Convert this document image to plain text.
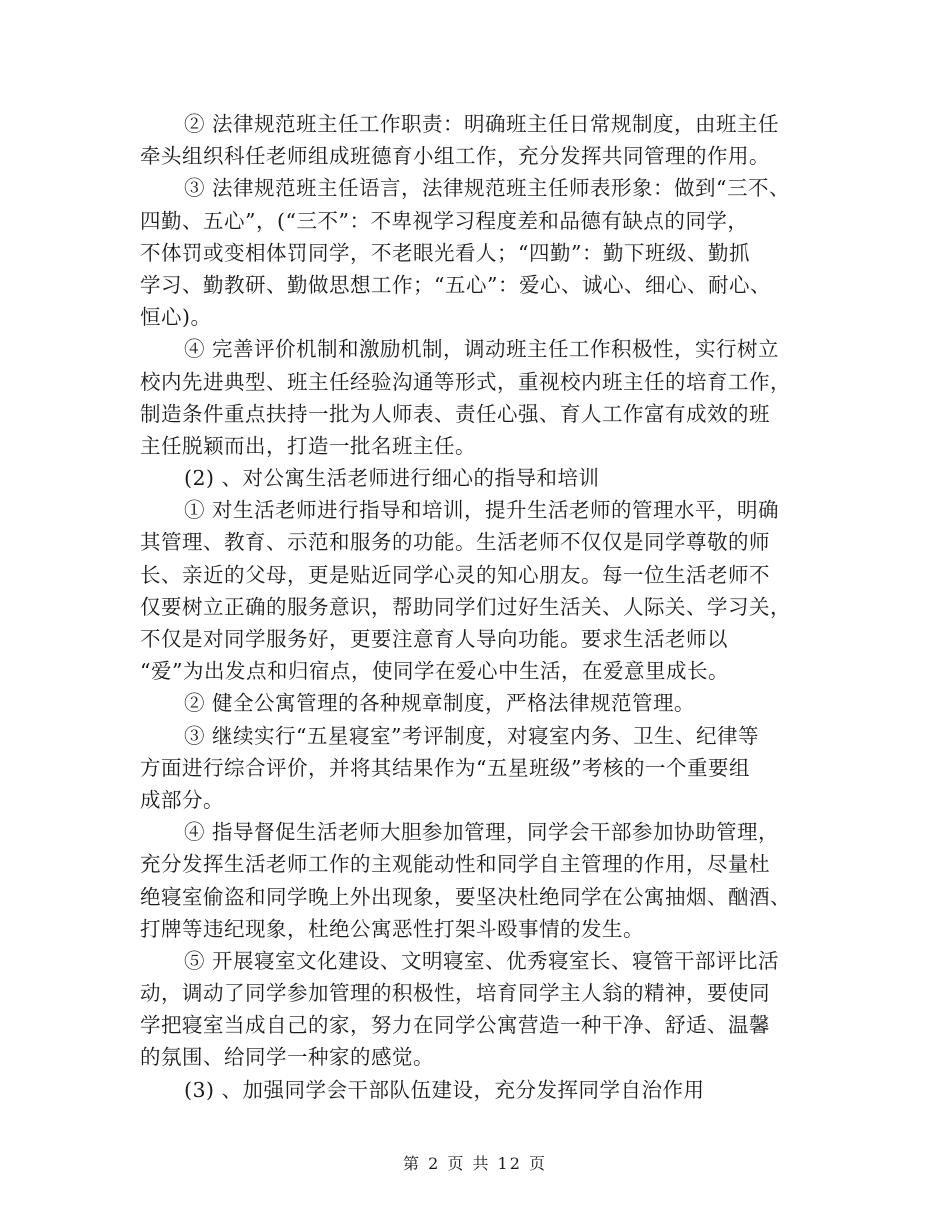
② 法律规范班主任工作职责：明确班主任日常规制度，由班主任
牵头组织科任老师组成班德育小组工作，充分发挥共同管理的作用。
③ 法律规范班主任语言，法律规范班主任师表形象：做到“三不、
四勤、五心”，(“三不”：不卑视学习程度差和品德有缺点的同学，
不体罚或变相体罚同学，不老眼光看人；“四勤”：勤下班级、勤抓
学习、勤教研、勤做思想工作；“五心”：爱心、诚心、细心、耐心、
恒心)。
④ 完善评价机制和激励机制，调动班主任工作积极性，实行树立
校内先进典型、班主任经验沟通等形式，重视校内班主任的培育工作，
制造条件重点扶持一批为人师表、责任心强、育人工作富有成效的班
主任脱颖而出，打造一批名班主任。
(2) 、对公寓生活老师进行细心的指导和培训
① 对生活老师进行指导和培训，提升生活老师的管理水平，明确
其管理、教育、示范和服务的功能。生活老师不仅仅是同学尊敬的师
长、亲近的父母，更是贴近同学心灵的知心朋友。每一位生活老师不
仅要树立正确的服务意识，帮助同学们过好生活关、人际关、学习关，
不仅是对同学服务好，更要注意育人导向功能。要求生活老师以
“爱”为出发点和归宿点，使同学在爱心中生活，在爱意里成长。
② 健全公寓管理的各种规章制度，严格法律规范管理。
③ 继续实行“五星寝室”考评制度，对寝室内务、卫生、纪律等
方面进行综合评价，并将其结果作为“五星班级”考核的一个重要组
成部分。
④ 指导督促生活老师大胆参加管理，同学会干部参加协助管理，
充分发挥生活老师工作的主观能动性和同学自主管理的作用，尽量杜
绝寝室偷盗和同学晚上外出现象，要坚决杜绝同学在公寓抽烟、酗酒、
打牌等违纪现象，杜绝公寓恶性打架斗殴事情的发生。
⑤ 开展寝室文化建设、文明寝室、优秀寝室长、寝管干部评比活
动，调动了同学参加管理的积极性，培育同学主人翁的精神，要使同
学把寝室当成自己的家，努力在同学公寓营造一种干净、舒适、温馨
的氛围、给同学一种家的感觉。
(3) 、加强同学会干部队伍建设，充分发挥同学自治作用
第 2 页 共 12 页
